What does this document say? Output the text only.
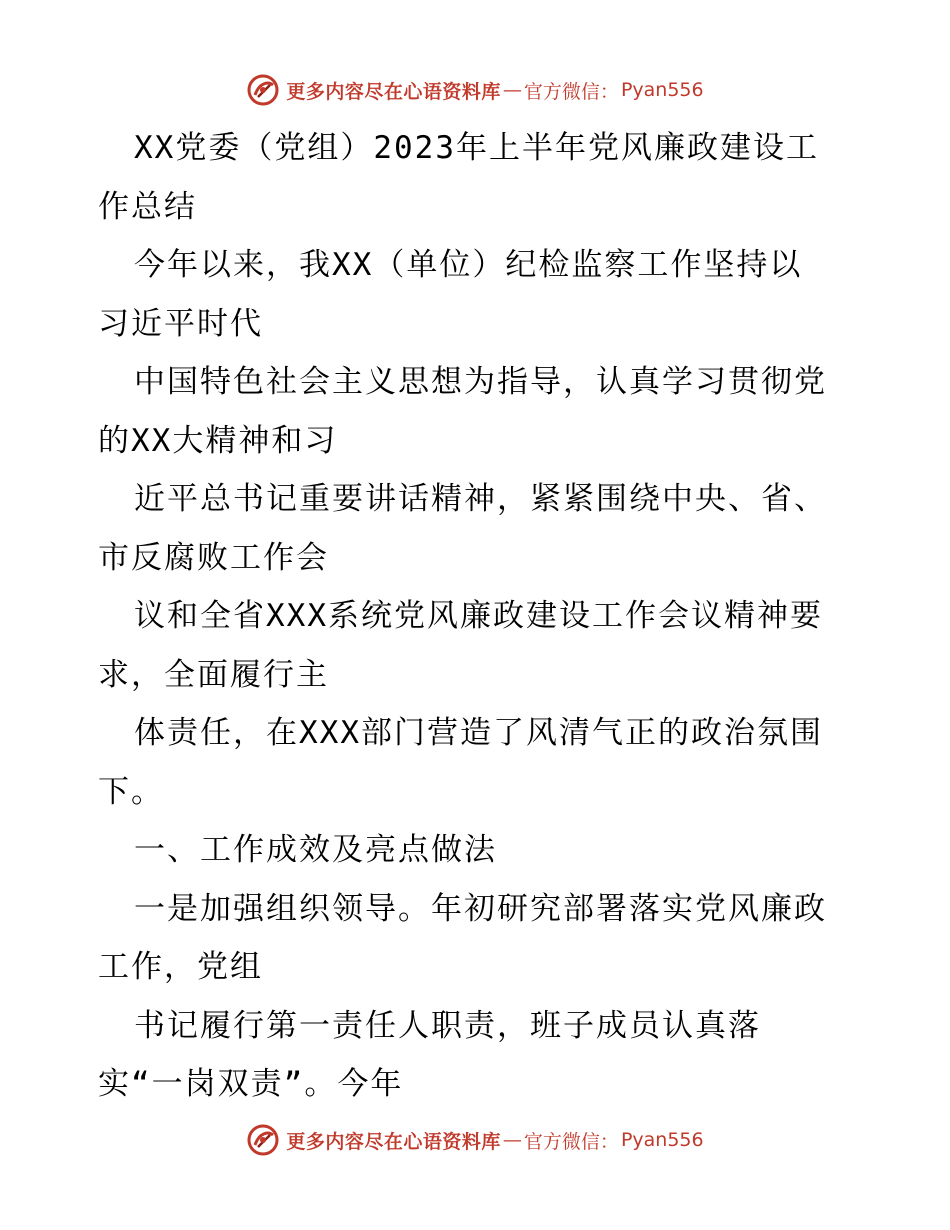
更多内容尽在心语资料库 — 官方微信： Pyan556

XX党委（党组）2023年上半年党风廉政建设工

作总结

今年以来，我XX（单位）纪检监察工作坚持以

习近平时代

中国特色社会主义思想为指导，认真学习贯彻党

的XX大精神和习

近平总书记重要讲话精神，紧紧围绕中央、省、

市反腐败工作会

议和全省XXX系统党风廉政建设工作会议精神要

求，全面履行主

体责任，在XXX部门营造了风清气正的政治氛围

下。

一、工作成效及亮点做法

一是加强组织领导。年初研究部署落实党风廉政

工作，党组

书记履行第一责任人职责，班子成员认真落

实“一岗双责”。今年

更多内容尽在心语资料库 — 官方微信： Pyan556
